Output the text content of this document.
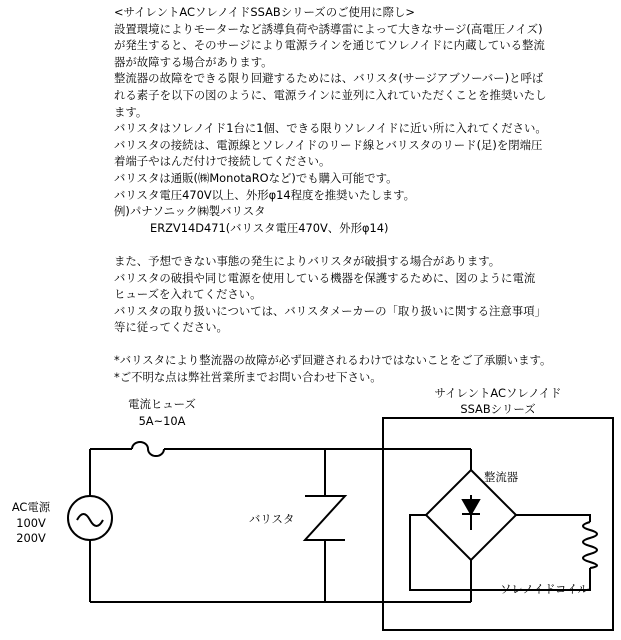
<サイレントACソレノイドSSABシリーズのご使用に際し>
設置環境によりモーターなど誘導負荷や誘導雷によって大きなサージ(高電圧ノイズ)
が発生すると、そのサージにより電源ラインを通じてソレノイドに内蔵している整流
器が故障する場合があります。
整流器の故障をできる限り回避するためには、バリスタ(サージアブソーバー)と呼ば
れる素子を以下の図のように、電源ラインに並列に入れていただくことを推奨いたし
ます。
バリスタはソレノイド1台に1個、できる限りソレノイドに近い所に入れてください。
バリスタの接続は、電源線とソレノイドのリード線とバリスタのリード(足)を閉端圧
着端子やはんだ付けで接続してください。
バリスタは通販(㈱MonotaROなど)でも購入可能です。
バリスタ電圧470V以上、外形φ14程度を推奨いたします。
例)パナソニック㈱製バリスタ
ERZV14D471(バリスタ電圧470V、外形φ14)
また、予想できない事態の発生によりバリスタが破損する場合があります。
バリスタの破損や同じ電源を使用している機器を保護するために、図のように電流
ヒューズを入れてください。
バリスタの取り扱いについては、バリスタメーカーの「取り扱いに関する注意事項」
等に従ってください。
*バリスタにより整流器の故障が必ず回避されるわけではないことをご了承願います。
*ご不明な点は弊社営業所までお問い合わせ下さい。
電流ヒューズ
5A~10A
AC電源
100V
200V
バリスタ
サイレントACソレノイド
SSABシリーズ
整流器
ソレノイドコイル
